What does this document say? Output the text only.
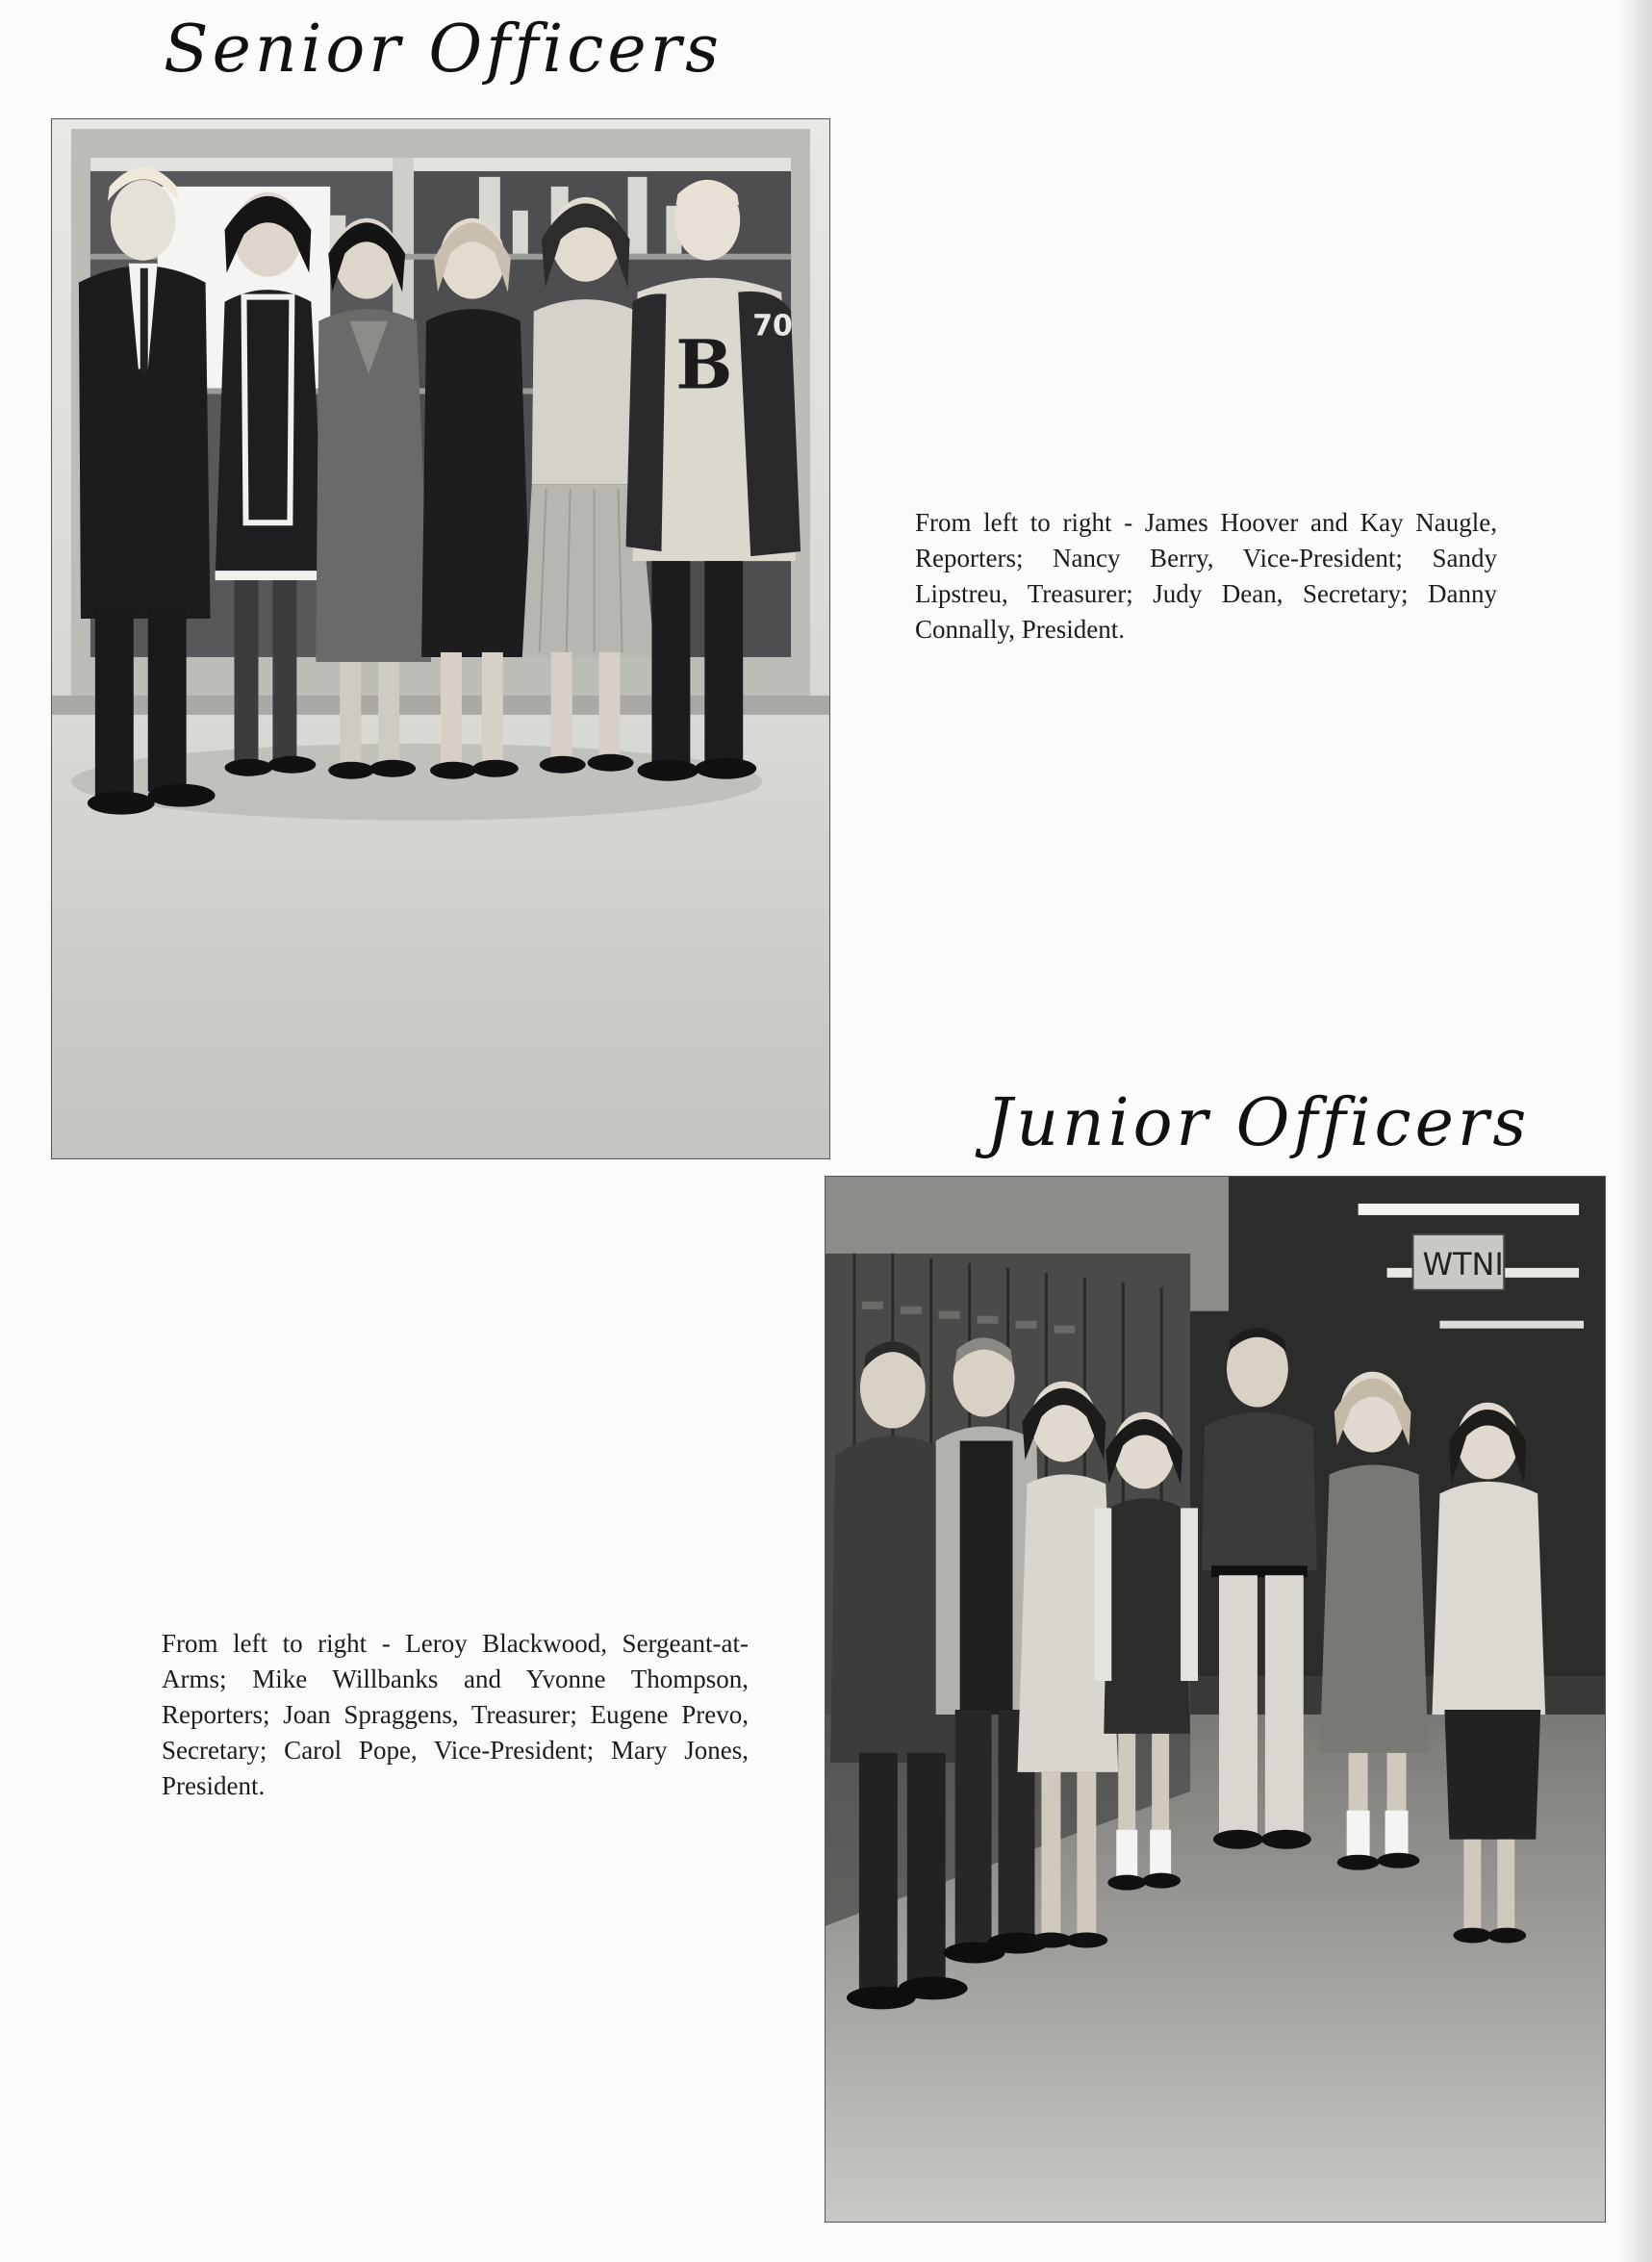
Senior Officers
B 70

From left to right - James Hoover and Kay Naugle, Reporters; Nancy Berry, Vice-President; Sandy Lipstreu, Treasurer; Judy Dean, Secretary; Danny Connally, President.

Junior Officers
WTNI

From left to right - Leroy Blackwood, Sergeant-at-Arms; Mike Willbanks and Yvonne Thompson, Reporters; Joan Spraggens, Treasurer; Eugene Prevo, Secretary; Carol Pope, Vice-President; Mary Jones, President.
